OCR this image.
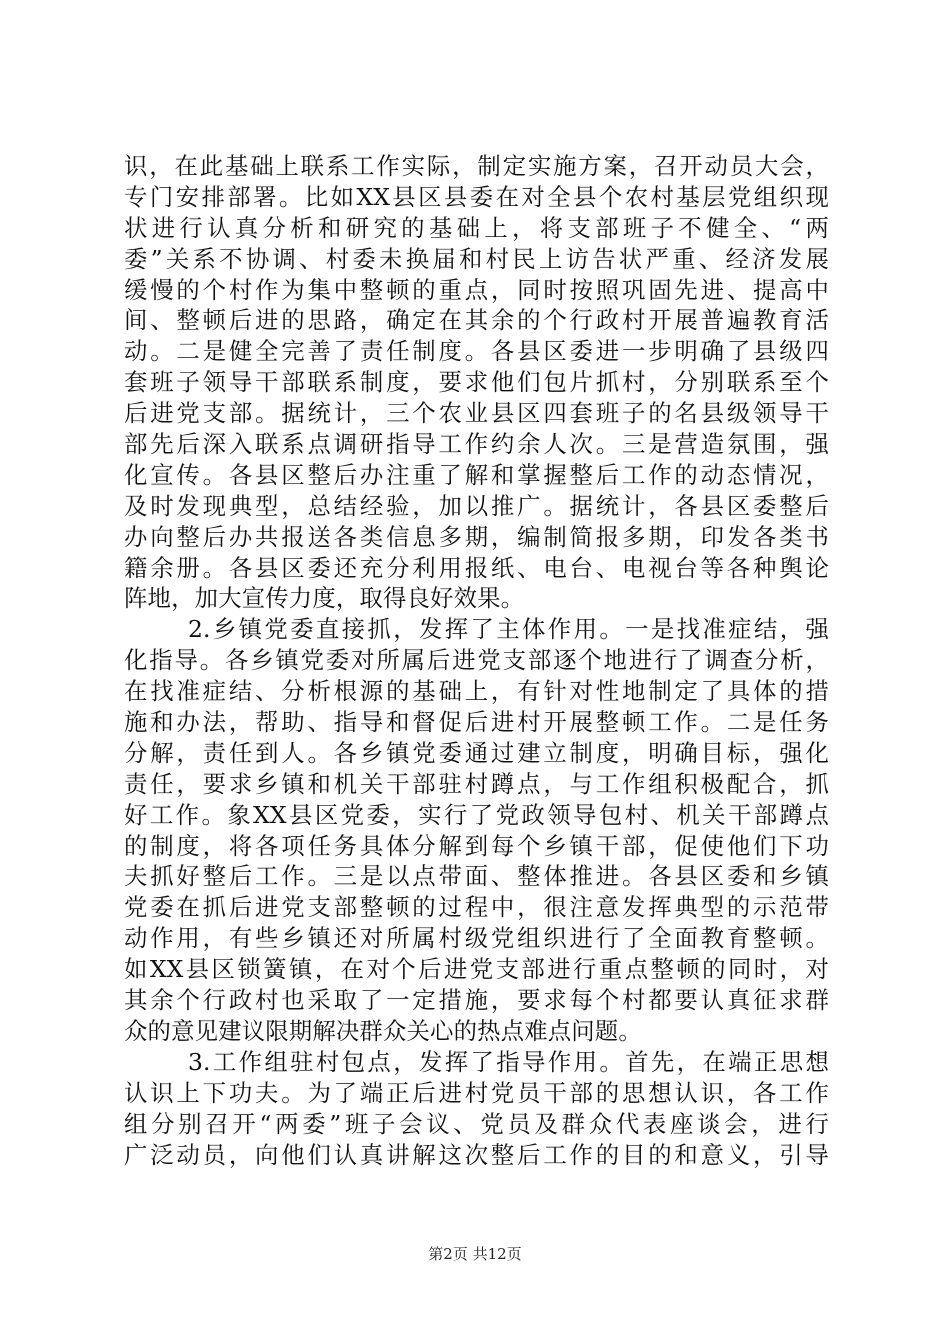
识，在此基础上联系工作实际，制定实施方案，召开动员大会，
专门安排部署。比如XX县区县委在对全县个农村基层党组织现
状进行认真分析和研究的基础上，将支部班子不健全、“两
委”关系不协调、村委未换届和村民上访告状严重、经济发展
缓慢的个村作为集中整顿的重点，同时按照巩固先进、提高中
间、整顿后进的思路，确定在其余的个行政村开展普遍教育活
动。二是健全完善了责任制度。各县区委进一步明确了县级四
套班子领导干部联系制度，要求他们包片抓村，分别联系至个
后进党支部。据统计，三个农业县区四套班子的名县级领导干
部先后深入联系点调研指导工作约余人次。三是营造氛围，强
化宣传。各县区整后办注重了解和掌握整后工作的动态情况，
及时发现典型，总结经验，加以推广。据统计，各县区委整后
办向整后办共报送各类信息多期，编制简报多期，印发各类书
籍余册。各县区委还充分利用报纸、电台、电视台等各种舆论
阵地，加大宣传力度，取得良好效果。
2.乡镇党委直接抓，发挥了主体作用。一是找准症结，强
化指导。各乡镇党委对所属后进党支部逐个地进行了调查分析，
在找准症结、分析根源的基础上，有针对性地制定了具体的措
施和办法，帮助、指导和督促后进村开展整顿工作。二是任务
分解，责任到人。各乡镇党委通过建立制度，明确目标，强化
责任，要求乡镇和机关干部驻村蹲点，与工作组积极配合，抓
好工作。象XX县区党委，实行了党政领导包村、机关干部蹲点
的制度，将各项任务具体分解到每个乡镇干部，促使他们下功
夫抓好整后工作。三是以点带面、整体推进。各县区委和乡镇
党委在抓后进党支部整顿的过程中，很注意发挥典型的示范带
动作用，有些乡镇还对所属村级党组织进行了全面教育整顿。
如XX县区锁簧镇，在对个后进党支部进行重点整顿的同时，对
其余个行政村也采取了一定措施，要求每个村都要认真征求群
众的意见建议限期解决群众关心的热点难点问题。
3.工作组驻村包点，发挥了指导作用。首先，在端正思想
认识上下功夫。为了端正后进村党员干部的思想认识，各工作
组分别召开“两委”班子会议、党员及群众代表座谈会，进行
广泛动员，向他们认真讲解这次整后工作的目的和意义，引导
第2页 共12页
